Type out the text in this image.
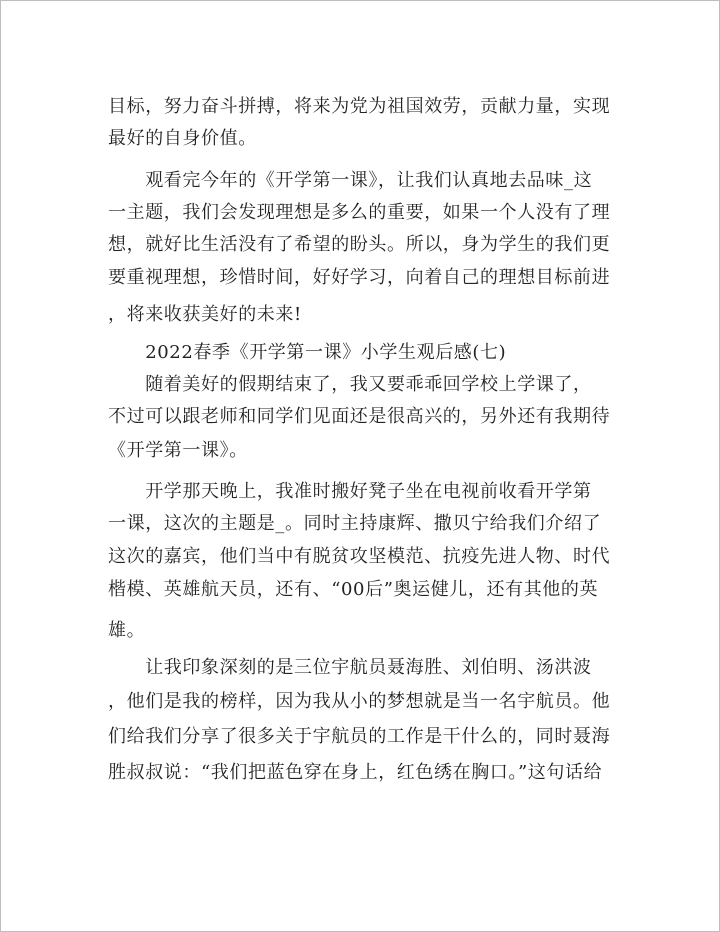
目标，努力奋斗拼搏，将来为党为祖国效劳，贡献力量，实现
最好的自身价值。
　　观看完今年的《开学第一课》，让我们认真地去品味_这
一主题，我们会发现理想是多么的重要，如果一个人没有了理
想，就好比生活没有了希望的盼头。所以，身为学生的我们更
要重视理想，珍惜时间，好好学习，向着自己的理想目标前进
，将来收获美好的未来!
　　2022春季《开学第一课》小学生观后感(七)
　　随着美好的假期结束了，我又要乖乖回学校上学课了，
不过可以跟老师和同学们见面还是很高兴的，另外还有我期待
《开学第一课》。
　　开学那天晚上，我准时搬好凳子坐在电视前收看开学第
一课，这次的主题是_。同时主持康辉、撒贝宁给我们介绍了
这次的嘉宾，他们当中有脱贫攻坚模范、抗疫先进人物、时代
楷模、英雄航天员，还有、“00后”奥运健儿，还有其他的英
雄。
　　让我印象深刻的是三位宇航员聂海胜、刘伯明、汤洪波
，他们是我的榜样，因为我从小的梦想就是当一名宇航员。他
们给我们分享了很多关于宇航员的工作是干什么的，同时聂海
胜叔叔说：“我们把蓝色穿在身上，红色绣在胸口。”这句话给
